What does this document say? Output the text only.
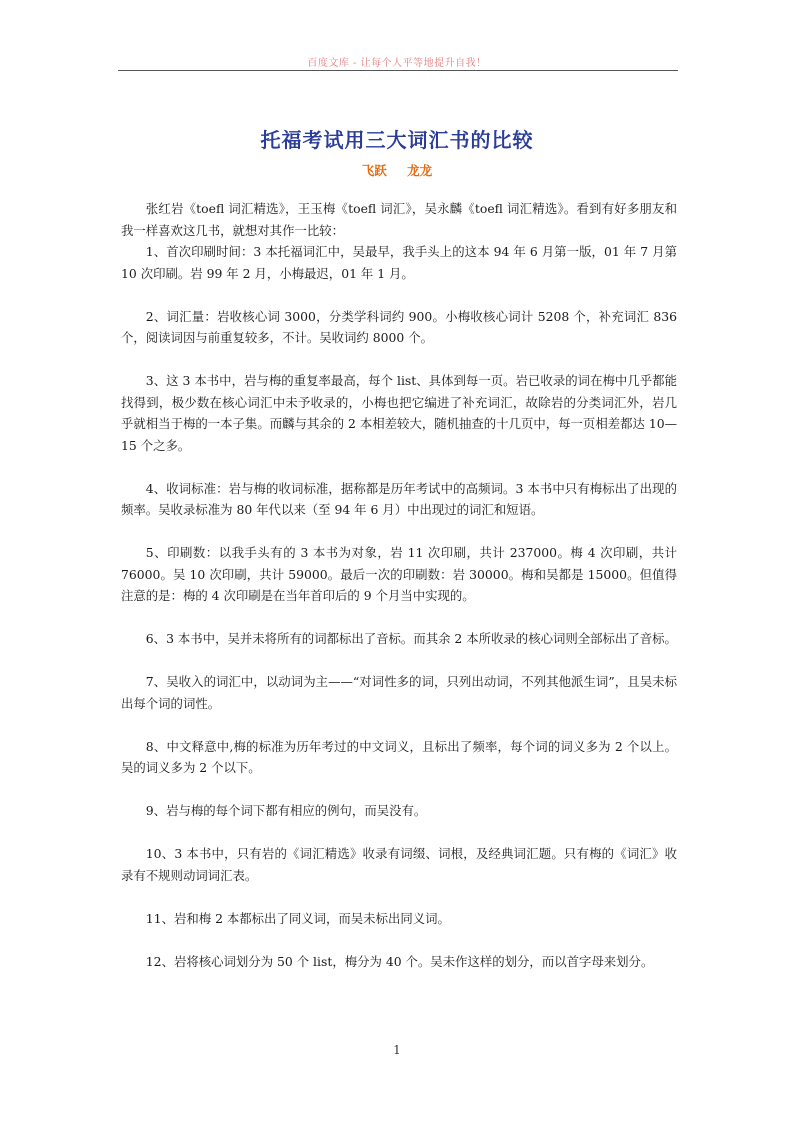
百度文库 - 让每个人平等地提升自我！
托福考试用三大词汇书的比较
飞跃 龙龙

张红岩《toefl 词汇精选》，王玉梅《toefl 词汇》，吴永麟《toefl 词汇精选》。看到有好多朋友和我一样喜欢这几书，就想对其作一比较：

1、首次印刷时间：3 本托福词汇中，吴最早，我手头上的这本 94 年 6 月第一版，01 年 7 月第 10 次印刷。岩 99 年 2 月，小梅最迟，01 年 1 月。

2、词汇量：岩收核心词 3000，分类学科词约 900。小梅收核心词计 5208 个，补充词汇 836 个，阅读词因与前重复较多，不计。吴收词约 8000 个。

3、这 3 本书中，岩与梅的重复率最高，每个 list、具体到每一页。岩已收录的词在梅中几乎都能找得到，极少数在核心词汇中未予收录的，小梅也把它编进了补充词汇，故除岩的分类词汇外，岩几乎就相当于梅的一本子集。而麟与其余的 2 本相差较大，随机抽查的十几页中，每一页相差都达 10—15 个之多。

4、收词标准：岩与梅的收词标准，据称都是历年考试中的高频词。3 本书中只有梅标出了出现的频率。吴收录标准为 80 年代以来（至 94 年 6 月）中出现过的词汇和短语。

5、印刷数：以我手头有的 3 本书为对象，岩 11 次印刷，共计 237000。梅 4 次印刷，共计 76000。吴 10 次印刷，共计 59000。最后一次的印刷数：岩 30000。梅和吴都是 15000。但值得注意的是：梅的 4 次印刷是在当年首印后的 9 个月当中实现的。

6、3 本书中，吴并未将所有的词都标出了音标。而其余 2 本所收录的核心词则全部标出了音标。

7、吴收入的词汇中，以动词为主——“对词性多的词，只列出动词，不列其他派生词”，且吴未标出每个词的词性。

8、中文释意中,梅的标准为历年考过的中文词义，且标出了频率，每个词的词义多为 2 个以上。吴的词义多为 2 个以下。

9、岩与梅的每个词下都有相应的例句，而吴没有。

10、3 本书中，只有岩的《词汇精选》收录有词缀、词根，及经典词汇题。只有梅的《词汇》收录有不规则动词词汇表。

11、岩和梅 2 本都标出了同义词，而吴未标出同义词。

12、岩将核心词划分为 50 个 list，梅分为 40 个。吴未作这样的划分，而以首字母来划分。

1
